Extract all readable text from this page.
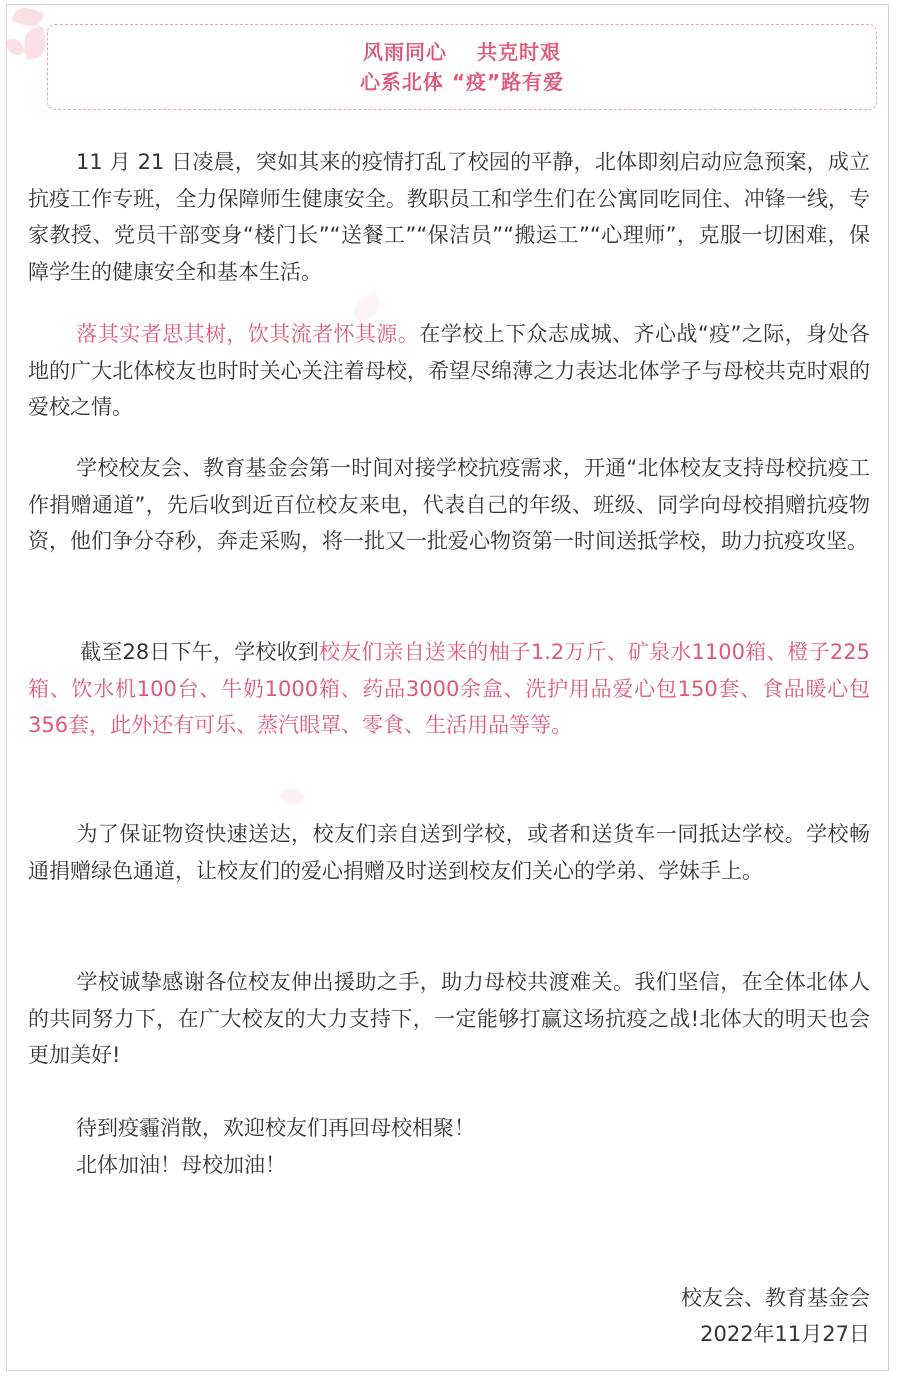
风雨同心 共克时艰
心系北体 “疫”路有爱

11 月 21 日凌晨，突如其来的疫情打乱了校园的平静，北体即刻启动应急预案，成立抗疫工作专班，全力保障师生健康安全。教职员工和学生们在公寓同吃同住、冲锋一线，专家教授、党员干部变身“楼门长”“送餐工”“保洁员”“搬运工”“心理师”，克服一切困难，保障学生的健康安全和基本生活。

落其实者思其树，饮其流者怀其源。在学校上下众志成城、齐心战“疫”之际，身处各地的广大北体校友也时时关心关注着母校，希望尽绵薄之力表达北体学子与母校共克时艰的爱校之情。

学校校友会、教育基金会第一时间对接学校抗疫需求，开通“北体校友支持母校抗疫工作捐赠通道”，先后收到近百位校友来电，代表自己的年级、班级、同学向母校捐赠抗疫物资，他们争分夺秒，奔走采购，将一批又一批爱心物资第一时间送抵学校，助力抗疫攻坚。

截至28日下午，学校收到校友们亲自送来的柚子1.2万斤、矿泉水1100箱、橙子225箱、饮水机100台、牛奶1000箱、药品3000余盒、洗护用品爱心包150套、食品暖心包356套，此外还有可乐、蒸汽眼罩、零食、生活用品等等。

为了保证物资快速送达，校友们亲自送到学校，或者和送货车一同抵达学校。学校畅通捐赠绿色通道，让校友们的爱心捐赠及时送到校友们关心的学弟、学妹手上。

学校诚挚感谢各位校友伸出援助之手，助力母校共渡难关。我们坚信，在全体北体人的共同努力下，在广大校友的大力支持下，一定能够打赢这场抗疫之战!北体大的明天也会更加美好!

待到疫霾消散，欢迎校友们再回母校相聚！
北体加油！母校加油！

校友会、教育基金会
2022年11月27日
